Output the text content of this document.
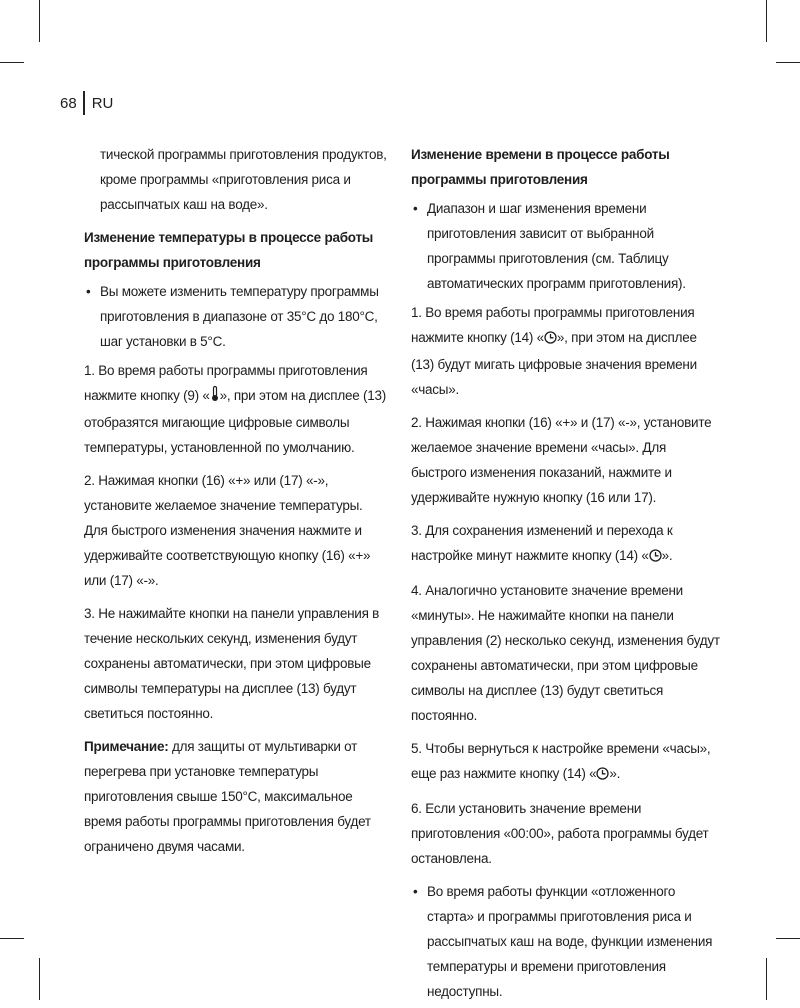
68 RU

тической программы приготовления продуктов, кроме программы «приготовления риса и рассыпчатых каш на воде».

Изменение температуры в процессе работы программы приготовления
• Вы можете изменить температуру программы приготовления в диапазоне от 35°С до 180°С, шаг установки в 5°С.

1. Во время работы программы приготовления нажмите кнопку (9) « », при этом на дисплее (13) отобразятся мигающие цифровые символы температуры, установленной по умолчанию.

2. Нажимая кнопки (16) «+» или (17) «-», установите желаемое значение температуры. Для быстрого изменения значения нажмите и удерживайте соответствующую кнопку (16) «+» или (17) «-».

3. Не нажимайте кнопки на панели управления в течение нескольких секунд, изменения будут сохранены автоматически, при этом цифровые символы температуры на дисплее (13) будут светиться постоянно.

Примечание: для защиты от мультиварки от перегрева при установке температуры приготовления свыше 150°С, максимальное время работы программы приготовления будет ограничено двумя часами.

Изменение времени в процессе работы программы приготовления
• Диапазон и шаг изменения времени приготовления зависит от выбранной программы приготовления (см. Таблицу автоматических программ приготовления).

1. Во время работы программы приготовления нажмите кнопку (14) « », при этом на дисплее (13) будут мигать цифровые значения времени «часы».

2. Нажимая кнопки (16) «+» и (17) «-», установите желаемое значение времени «часы». Для быстрого изменения показаний, нажмите и удерживайте нужную кнопку (16 или 17).

3. Для сохранения изменений и перехода к настройке минут нажмите кнопку (14) « ».

4. Аналогично установите значение времени «минуты». Не нажимайте кнопки на панели управления (2) несколько секунд, изменения будут сохранены автоматически, при этом цифровые символы на дисплее (13) будут светиться постоянно.

5. Чтобы вернуться к настройке времени «часы», еще раз нажмите кнопку (14) « ».

6. Если установить значение времени приготовления «00:00», работа программы будет остановлена.

• Во время работы функции «отложенного старта» и программы приготовления риса и рассыпчатых каш на воде, функции изменения температуры и времени приготовления недоступны.
